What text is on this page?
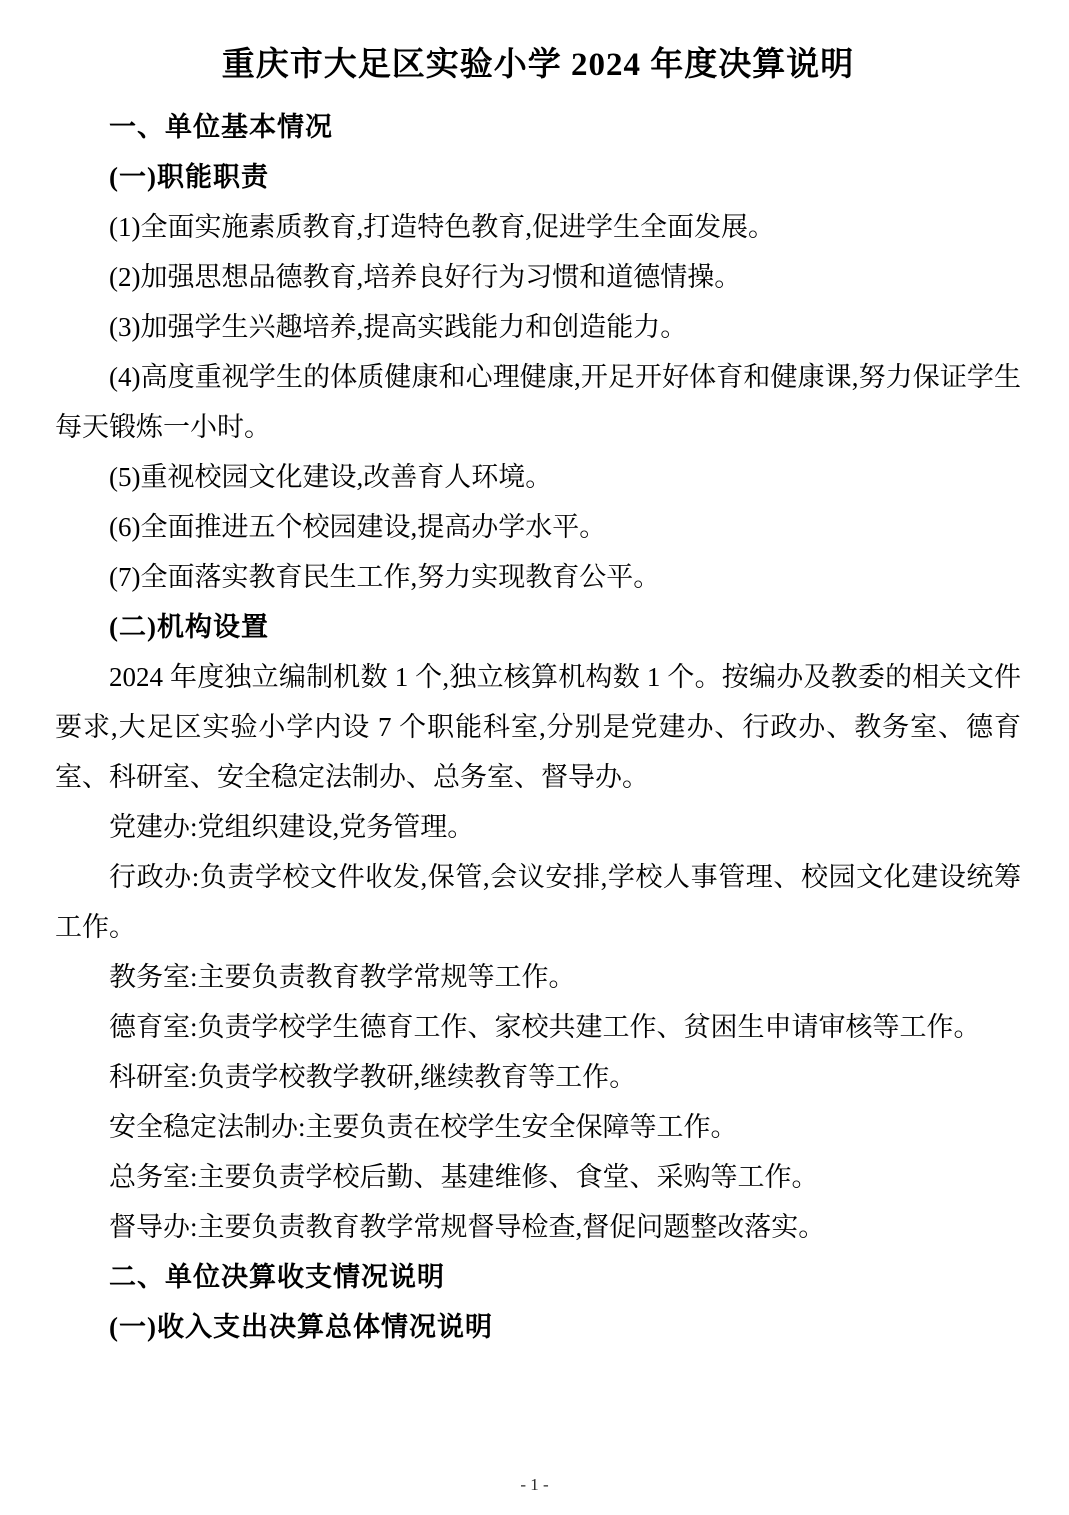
重庆市大足区实验小学 2024 年度决算说明
一、单位基本情况
(一)职能职责
(1)全面实施素质教育,打造特色教育,促进学生全面发展。
(2)加强思想品德教育,培养良好行为习惯和道德情操。
(3)加强学生兴趣培养,提高实践能力和创造能力。
(4)高度重视学生的体质健康和心理健康,开足开好体育和健康课,努力保证学生每天锻炼一小时。
(5)重视校园文化建设,改善育人环境。
(6)全面推进五个校园建设,提高办学水平。
(7)全面落实教育民生工作,努力实现教育公平。
(二)机构设置
2024 年度独立编制机数 1 个,独立核算机构数 1 个。按编办及教委的相关文件要求,大足区实验小学内设 7 个职能科室,分别是党建办、行政办、教务室、德育室、科研室、安全稳定法制办、总务室、督导办。
党建办:党组织建设,党务管理。
行政办:负责学校文件收发,保管,会议安排,学校人事管理、校园文化建设统筹工作。
教务室:主要负责教育教学常规等工作。
德育室:负责学校学生德育工作、家校共建工作、贫困生申请审核等工作。
科研室:负责学校教学教研,继续教育等工作。
安全稳定法制办:主要负责在校学生安全保障等工作。
总务室:主要负责学校后勤、基建维修、食堂、采购等工作。
督导办:主要负责教育教学常规督导检查,督促问题整改落实。
二、单位决算收支情况说明
(一)收入支出决算总体情况说明
- 1 -
